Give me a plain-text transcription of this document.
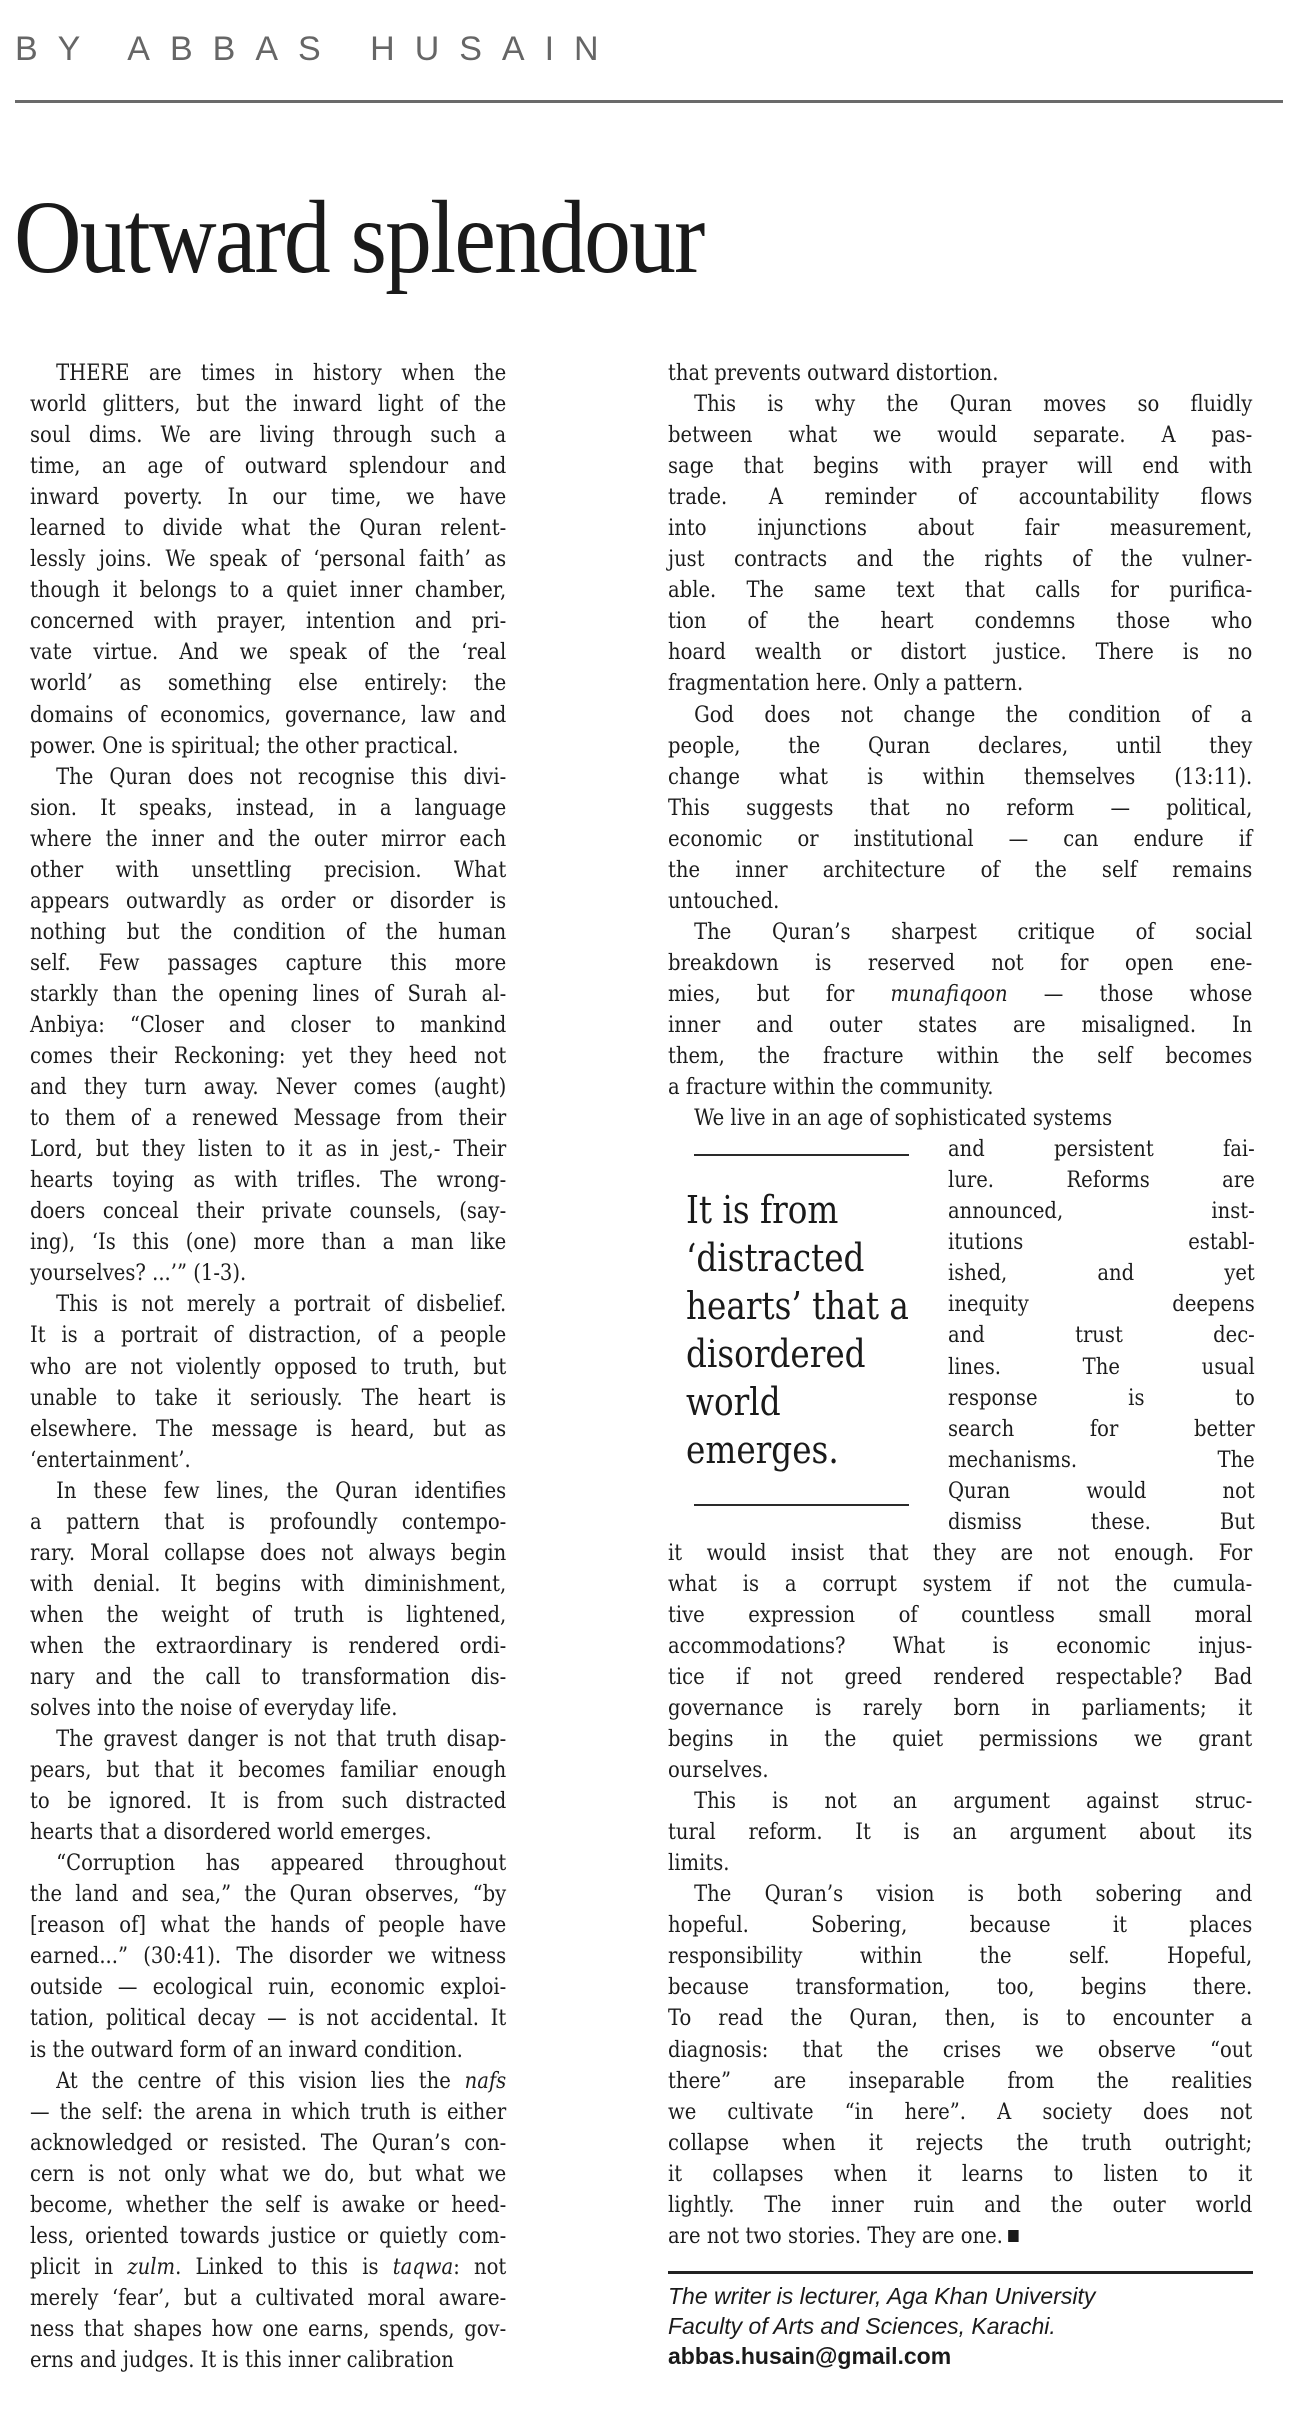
BY ABBAS HUSAIN
Outward splendour
THERE are times in history when the
world glitters, but the inward light of the
soul dims. We are living through such a
time, an age of outward splendour and
inward poverty. In our time, we have
learned to divide what the Quran relent-
lessly joins. We speak of ‘personal faith’ as
though it belongs to a quiet inner chamber,
concerned with prayer, intention and pri-
vate virtue. And we speak of the ‘real
world’ as something else entirely: the
domains of economics, governance, law and
power. One is spiritual; the other practical.
The Quran does not recognise this divi-
sion. It speaks, instead, in a language
where the inner and the outer mirror each
other with unsettling precision. What
appears outwardly as order or disorder is
nothing but the condition of the human
self. Few passages capture this more
starkly than the opening lines of Surah al-
Anbiya: “Closer and closer to mankind
comes their Reckoning: yet they heed not
and they turn away. Never comes (aught)
to them of a renewed Message from their
Lord, but they listen to it as in jest,- Their
hearts toying as with trifles. The wrong-
doers conceal their private counsels, (say-
ing), ‘Is this (one) more than a man like
yourselves? ...’” (1-3).
This is not merely a portrait of disbelief.
It is a portrait of distraction, of a people
who are not violently opposed to truth, but
unable to take it seriously. The heart is
elsewhere. The message is heard, but as
‘entertainment’.
In these few lines, the Quran identifies
a pattern that is profoundly contempo-
rary. Moral collapse does not always begin
with denial. It begins with diminishment,
when the weight of truth is lightened,
when the extraordinary is rendered ordi-
nary and the call to transformation dis-
solves into the noise of everyday life.
The gravest danger is not that truth disap-
pears, but that it becomes familiar enough
to be ignored. It is from such distracted
hearts that a disordered world emerges.
“Corruption has appeared throughout
the land and sea,” the Quran observes, “by
[reason of] what the hands of people have
earned...” (30:41). The disorder we witness
outside — ecological ruin, economic exploi-
tation, political decay — is not accidental. It
is the outward form of an inward condition.
At the centre of this vision lies the nafs
— the self: the arena in which truth is either
acknowledged or resisted. The Quran’s con-
cern is not only what we do, but what we
become, whether the self is awake or heed-
less, oriented towards justice or quietly com-
plicit in zulm. Linked to this is taqwa: not
merely ‘fear’, but a cultivated moral aware-
ness that shapes how one earns, spends, gov-
erns and judges. It is this inner calibration
that prevents outward distortion.
This is why the Quran moves so fluidly
between what we would separate. A pas-
sage that begins with prayer will end with
trade. A reminder of accountability flows
into injunctions about fair measurement,
just contracts and the rights of the vulner-
able. The same text that calls for purifica-
tion of the heart condemns those who
hoard wealth or distort justice. There is no
fragmentation here. Only a pattern.
God does not change the condition of a
people, the Quran declares, until they
change what is within themselves (13:11).
This suggests that no reform — political,
economic or institutional — can endure if
the inner architecture of the self remains
untouched.
The Quran’s sharpest critique of social
breakdown is reserved not for open ene-
mies, but for munafiqoon — those whose
inner and outer states are misaligned. In
them, the fracture within the self becomes
a fracture within the community.
We live in an age of sophisticated systems
It is from
‘distracted
hearts’ that a
disordered
world
emerges.
and persistent fai-
lure. Reforms are
announced, inst-
itutions establ-
ished, and yet
inequity deepens
and trust dec-
lines. The usual
response is to
search for better
mechanisms. The
Quran would not
dismiss these. But
it would insist that they are not enough. For
what is a corrupt system if not the cumula-
tive expression of countless small moral
accommodations? What is economic injus-
tice if not greed rendered respectable? Bad
governance is rarely born in parliaments; it
begins in the quiet permissions we grant
ourselves.
This is not an argument against struc-
tural reform. It is an argument about its
limits.
The Quran’s vision is both sobering and
hopeful. Sobering, because it places
responsibility within the self. Hopeful,
because transformation, too, begins there.
To read the Quran, then, is to encounter a
diagnosis: that the crises we observe “out
there” are inseparable from the realities
we cultivate “in here”. A society does not
collapse when it rejects the truth outright;
it collapses when it learns to listen to it
lightly. The inner ruin and the outer world
are not two stories. They are one.
The writer is lecturer, Aga Khan University
Faculty of Arts and Sciences, Karachi.
abbas.husain@gmail.com
